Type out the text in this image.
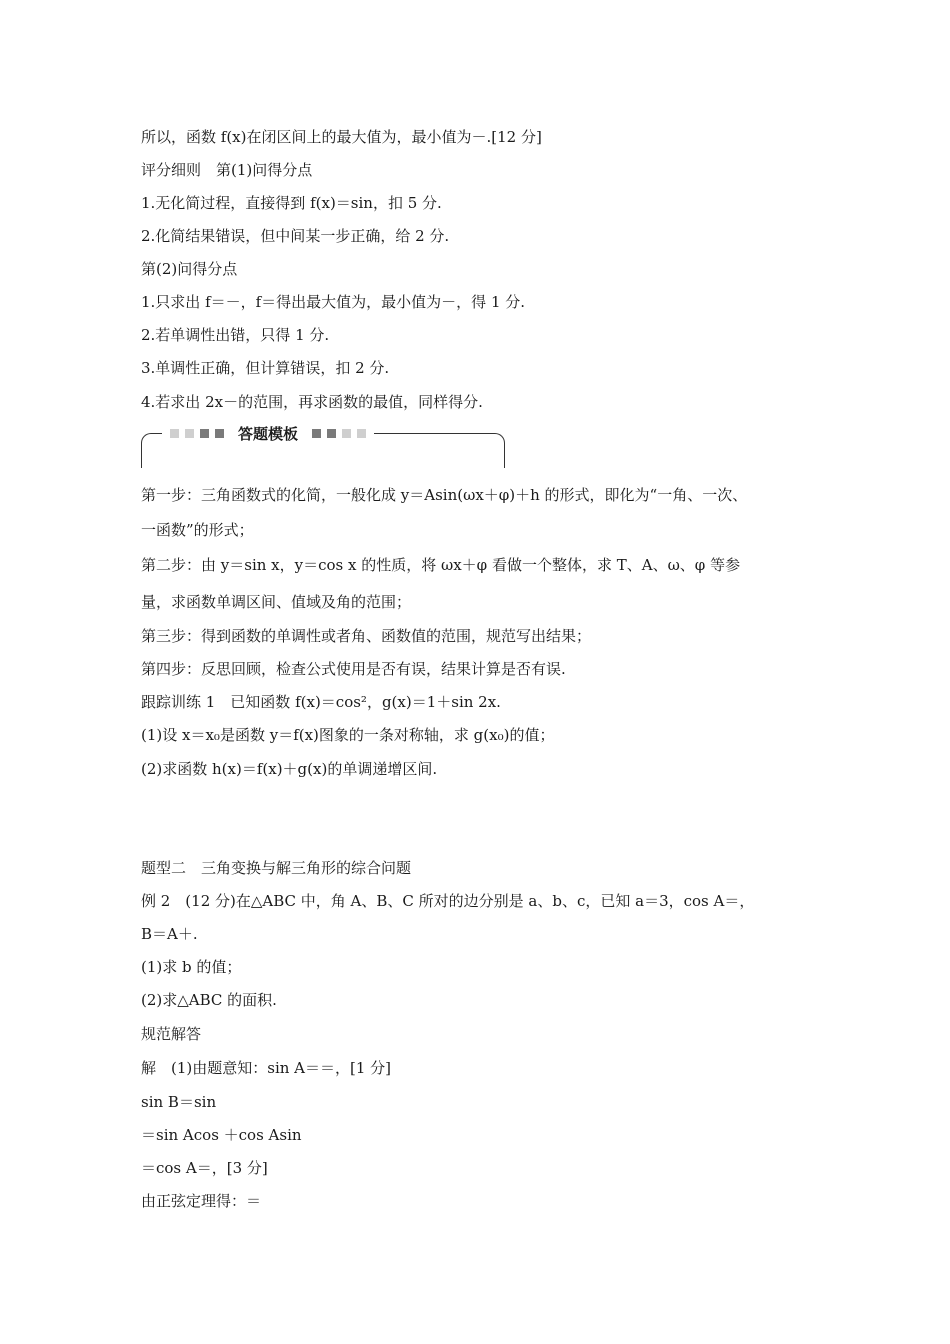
所以，函数 f(x)在闭区间上的最大值为，最小值为－.[12 分]
评分细则　第(1)问得分点
1.无化简过程，直接得到 f(x)＝sin，扣 5 分.
2.化简结果错误，但中间某一步正确，给 2 分.
第(2)问得分点
1.只求出 f＝－，f＝得出最大值为，最小值为－，得 1 分.
2.若单调性出错，只得 1 分.
3.单调性正确，但计算错误，扣 2 分.
4.若求出 2x－的范围，再求函数的最值，同样得分.
答题模板
第一步：三角函数式的化简，一般化成 y＝Asin(ωx＋φ)＋h 的形式，即化为“一角、一次、
一函数”的形式；
第二步：由 y＝sin x，y＝cos x 的性质，将 ωx＋φ 看做一个整体，求 T、A、ω、φ 等参
量，求函数单调区间、值域及角的范围；
第三步：得到函数的单调性或者角、函数值的范围，规范写出结果；
第四步：反思回顾，检查公式使用是否有误，结果计算是否有误.
跟踪训练 1　已知函数 f(x)＝cos²，g(x)＝1＋sin 2x.
(1)设 x＝x₀是函数 y＝f(x)图象的一条对称轴，求 g(x₀)的值；
(2)求函数 h(x)＝f(x)＋g(x)的单调递增区间.
题型二　三角变换与解三角形的综合问题
例 2　(12 分)在△ABC 中，角 A、B、C 所对的边分别是 a、b、c，已知 a＝3，cos A＝，
B＝A＋.
(1)求 b 的值；
(2)求△ABC 的面积.
规范解答
解　(1)由题意知：sin A＝＝，[1 分]
sin B＝sin
＝sin Acos ＋cos Asin
＝cos A＝，[3 分]
由正弦定理得：＝
